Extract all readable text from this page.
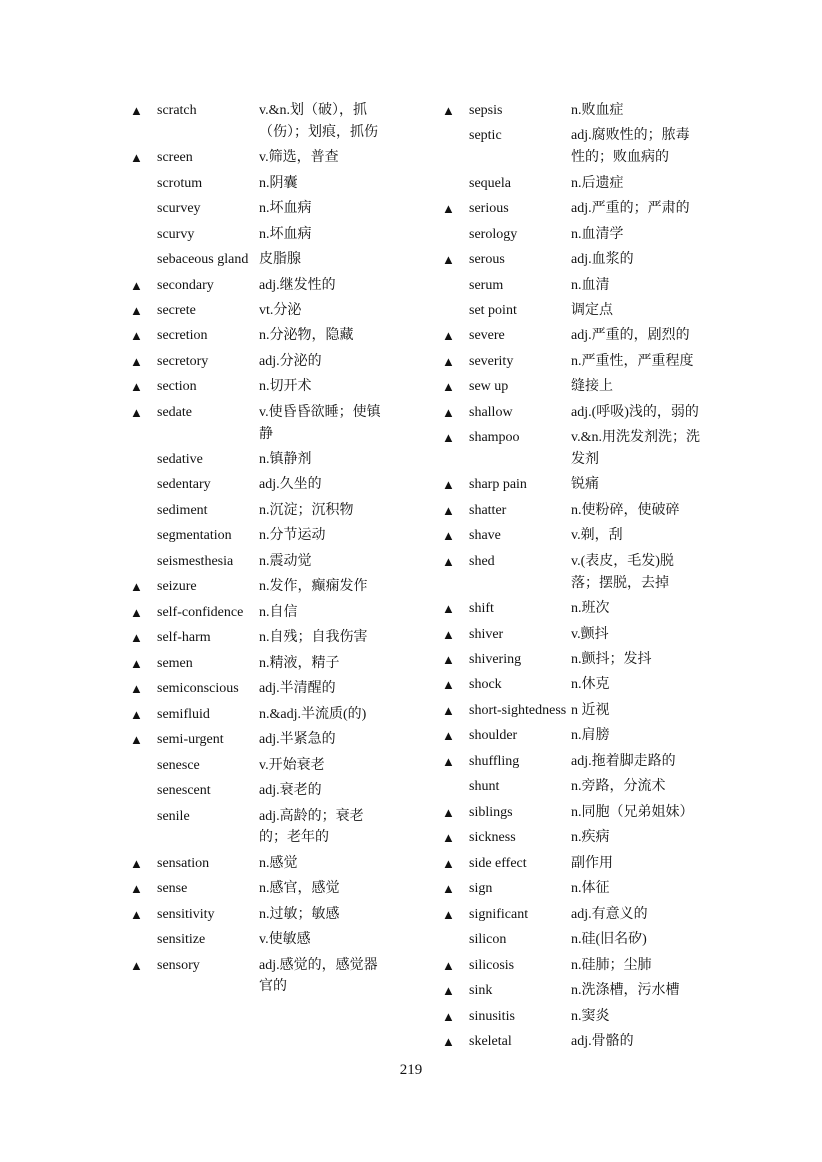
▲	scratch	v.&n.划（破），抓（伤）；划痕，抓伤
▲	screen	v.筛选，普查
scrotum	n.阴囊
scurvey	n.坏血病
scurvy	n.坏血病
sebaceous gland 皮脂腺
▲	secondary	adj.继发性的
▲	secrete	vt.分泌
▲	secretion	n.分泌物，隐藏
▲	secretory	adj.分泌的
▲	section	n.切开术
▲	sedate	v.使昏昏欲睡；使镇静
sedative	n.镇静剂
sedentary	adj.久坐的
sediment	n.沉淀；沉积物
segmentation	n.分节运动
seismesthesia	n.震动觉
▲	seizure	n.发作，癫痫发作
▲	self-confidence	n.自信
▲	self-harm	n.自残；自我伤害
▲	semen	n.精液，精子
▲	semiconscious	adj.半清醒的
▲	semifluid	n.&adj.半流质(的)
▲	semi-urgent	adj.半紧急的
senesce	v.开始衰老
senescent	adj.衰老的
senile	adj.高龄的；衰老的；老年的
▲	sensation	n.感觉
▲	sense	n.感官，感觉
▲	sensitivity	n.过敏；敏感
sensitize	v.使敏感
▲	sensory	adj.感觉的，感觉器官的
▲	sepsis	n.败血症
septic	adj.腐败性的；脓毒性的；败血病的
sequela	n.后遗症
▲	serious	adj.严重的；严肃的
serology	n.血清学
▲	serous	adj.血浆的
serum	n.血清
set point	调定点
▲	severe	adj.严重的，剧烈的
▲	severity	n.严重性，严重程度
▲	sew up	缝接上
▲	shallow	adj.(呼吸)浅的，弱的
▲	shampoo	v.&n.用洗发剂洗；洗发剂
▲	sharp pain	锐痛
▲	shatter	n.使粉碎，使破碎
▲	shave	v.剃，刮
▲	shed	v.(表皮，毛发)脱落；摆脱，去掉
▲	shift	n.班次
▲	shiver	v.颤抖
▲	shivering	n.颤抖；发抖
▲	shock	n.休克
▲	short-sightedness n 近视
▲	shoulder	n.肩膀
▲	shuffling	adj.拖着脚走路的
shunt	n.旁路，分流术
▲	siblings	n.同胞（兄弟姐妹）
▲	sickness	n.疾病
▲	side effect	副作用
▲	sign	n.体征
▲	significant	adj.有意义的
silicon	n.硅(旧名矽)
▲	silicosis	n.硅肺；尘肺
▲	sink	n.洗涤槽，污水槽
▲	sinusitis	n.窦炎
▲	skeletal	adj.骨骼的
219
